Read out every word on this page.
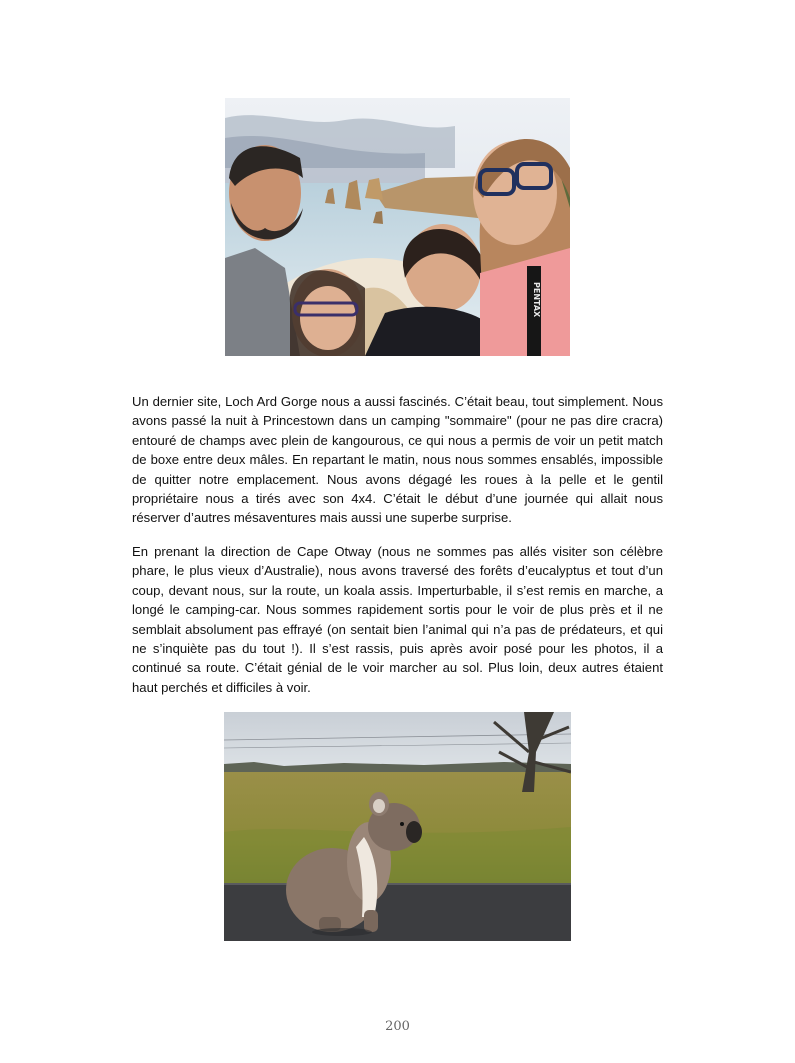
PENTAX

Un dernier site, Loch Ard Gorge nous a aussi fascinés. C’était beau, tout simplement. Nous avons passé la nuit à Princestown dans un camping "sommaire" (pour ne pas dire cracra) entouré de champs avec plein de kangourous, ce qui nous a permis de voir un petit match de boxe entre deux mâles. En repartant le matin, nous nous sommes ensablés, impossible de quitter notre emplacement. Nous avons dégagé les roues à la pelle et le gentil propriétaire nous a tirés avec son 4x4. C’était le début d’une journée qui allait nous réserver d’autres mésaventures mais aussi une superbe surprise.

En prenant la direction de Cape Otway (nous ne sommes pas allés visiter son célèbre phare, le plus vieux d’Australie), nous avons traversé des forêts d’eucalyptus et tout d’un coup, devant nous, sur la route, un koala assis. Imperturbable, il s’est remis en marche, a longé le camping-car. Nous sommes rapidement sortis pour le voir de plus près et il ne semblait absolument pas effrayé (on sentait bien l’animal qui n’a pas de prédateurs, et qui ne s’inquiète pas du tout !). Il s’est rassis, puis après avoir posé pour les photos, il a continué sa route. C’était génial de le voir marcher au sol. Plus loin, deux autres étaient haut perchés et difficiles à voir.

200
